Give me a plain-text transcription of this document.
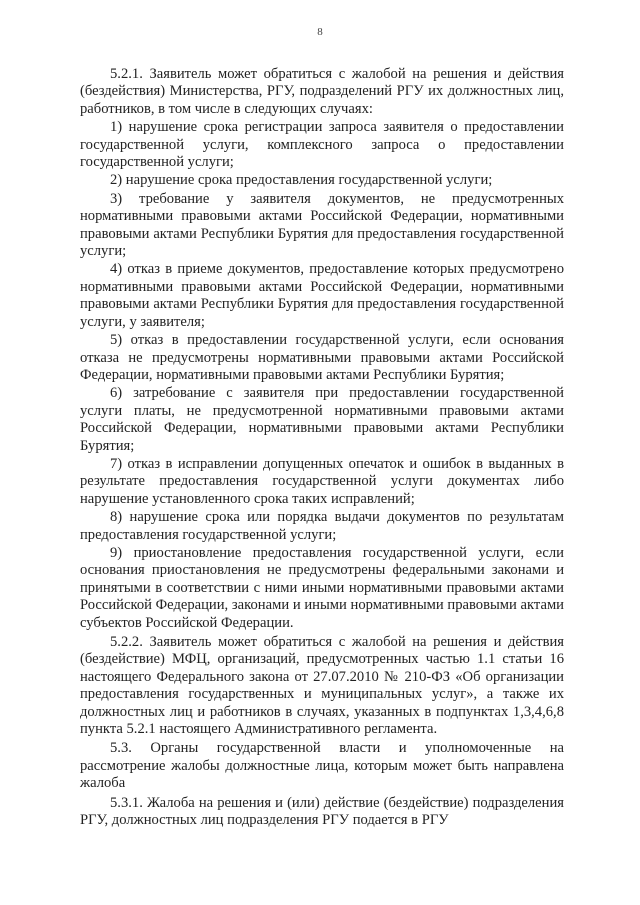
8

5.2.1. Заявитель может обратиться с жалобой на решения и действия (бездействия) Министерства, РГУ, подразделений РГУ их должностных лиц, работников, в том числе в следующих случаях:

1) нарушение срока регистрации запроса заявителя о предоставлении государственной услуги, комплексного запроса о предоставлении государственной услуги;

2) нарушение срока предоставления государственной услуги;

3) требование у заявителя документов, не предусмотренных нормативными правовыми актами Российской Федерации, нормативными правовыми актами Республики Бурятия для предоставления государственной услуги;

4) отказ в приеме документов, предоставление которых предусмотрено нормативными правовыми актами Российской Федерации, нормативными правовыми актами Республики Бурятия для предоставления государственной услуги, у заявителя;

5) отказ в предоставлении государственной услуги, если основания отказа не предусмотрены нормативными правовыми актами Российской Федерации, нормативными правовыми актами Республики Бурятия;

6) затребование с заявителя при предоставлении государственной услуги платы, не предусмотренной нормативными правовыми актами Российской Федерации, нормативными правовыми актами Республики Бурятия;

7) отказ в исправлении допущенных опечаток и ошибок в выданных в результате предоставления государственной услуги документах либо нарушение установленного срока таких исправлений;

8) нарушение срока или порядка выдачи документов по результатам предоставления государственной услуги;

9) приостановление предоставления государственной услуги, если основания приостановления не предусмотрены федеральными законами и принятыми в соответствии с ними иными нормативными правовыми актами Российской Федерации, законами и иными нормативными правовыми актами субъектов Российской Федерации.

5.2.2. Заявитель может обратиться с жалобой на решения и действия (бездействие) МФЦ, организаций, предусмотренных частью 1.1 статьи 16 настоящего Федерального закона от 27.07.2010 № 210-ФЗ «Об организации предоставления государственных и муниципальных услуг», а также их должностных лиц и работников в случаях, указанных в подпунктах 1,3,4,6,8 пункта 5.2.1 настоящего Административного регламента.

5.3. Органы государственной власти и уполномоченные на рассмотрение жалобы должностные лица, которым может быть направлена жалоба

5.3.1. Жалоба на решения и (или) действие (бездействие) подразделения РГУ, должностных лиц подразделения РГУ подается в РГУ
